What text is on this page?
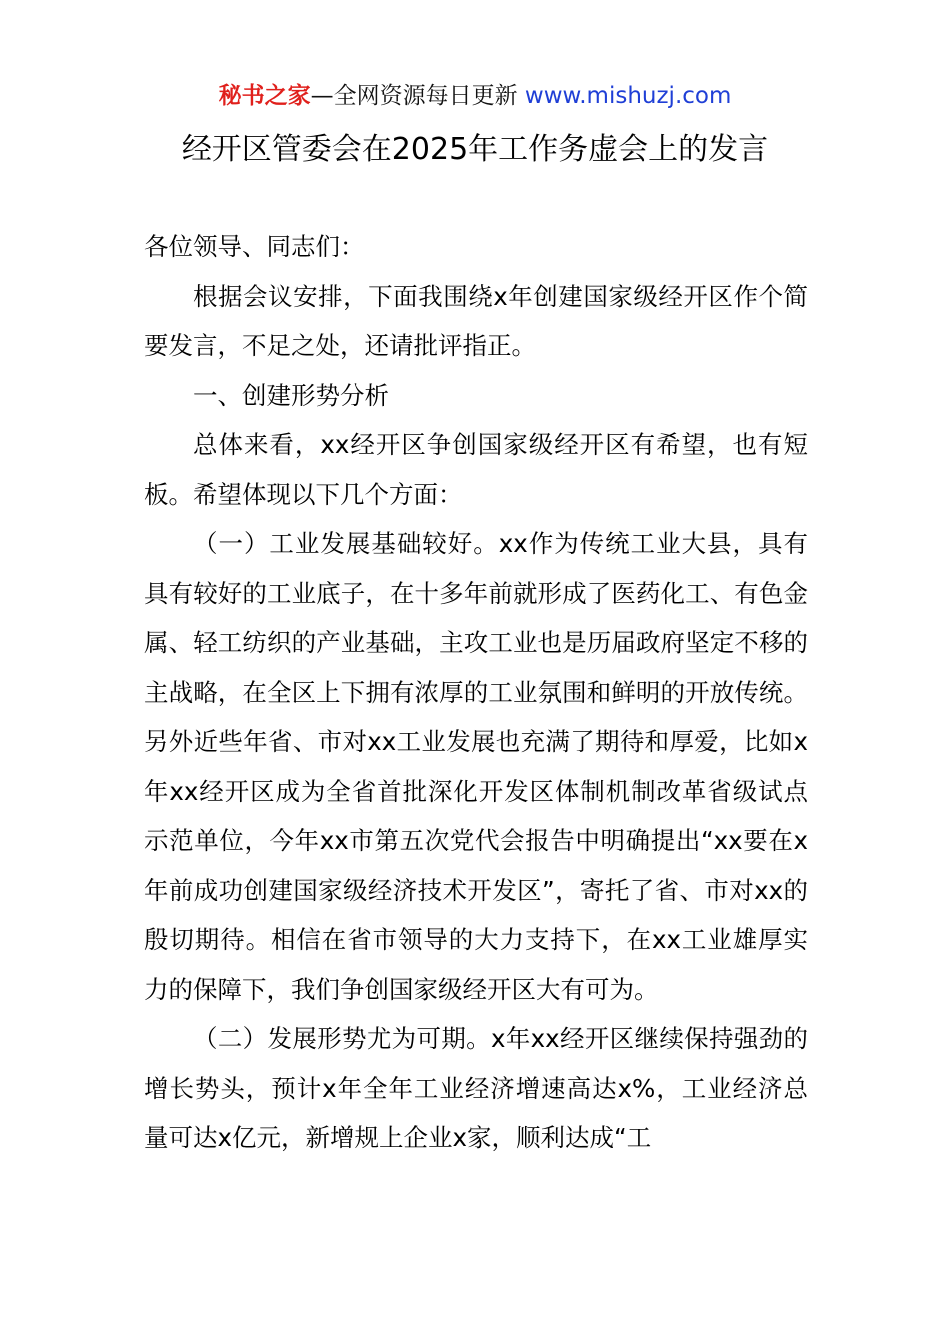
秘书之家—全网资源每日更新 www.mishuzj.com
经开区管委会在2025年工作务虚会上的发言

各位领导、同志们：

根据会议安排，下面我围绕x年创建国家级经开区作个简要发言，不足之处，还请批评指正。

一、创建形势分析

总体来看，xx经开区争创国家级经开区有希望，也有短板。希望体现以下几个方面：

（一）工业发展基础较好。xx作为传统工业大县，具有具有较好的工业底子，在十多年前就形成了医药化工、有色金属、轻工纺织的产业基础，主攻工业也是历届政府坚定不移的主战略，在全区上下拥有浓厚的工业氛围和鲜明的开放传统。另外近些年省、市对xx工业发展也充满了期待和厚爱，比如x年xx经开区成为全省首批深化开发区体制机制改革省级试点示范单位，今年xx市第五次党代会报告中明确提出“xx要在x年前成功创建国家级经济技术开发区”，寄托了省、市对xx的殷切期待。相信在省市领导的大力支持下，在xx工业雄厚实力的保障下，我们争创国家级经开区大有可为。

（二）发展形势尤为可期。x年xx经开区继续保持强劲的增长势头，预计x年全年工业经济增速高达x%，工业经济总量可达x亿元，新增规上企业x家，顺利达成“工
